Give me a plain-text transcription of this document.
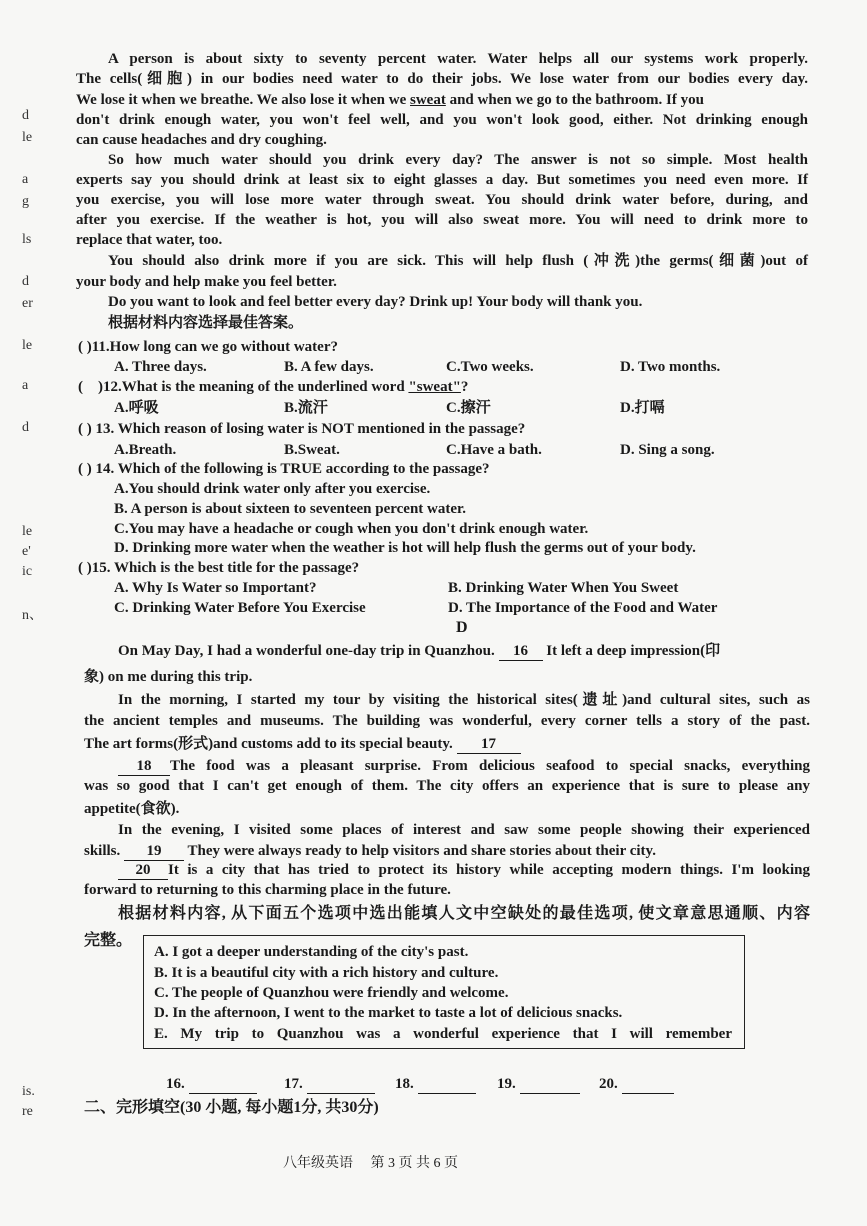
d
le
a
g
ls
d
er
le
a
d
le
e'
ic
n、
is.
re
A person is about sixty to seventy percent water. Water helps all our systems work properly.
The cells(细胞) in our bodies need water to do their jobs. We lose water from our bodies every day.
We lose it when we breathe. We also lose it when we sweat and when we go to the bathroom. If you
don't drink enough water, you won't feel well, and you won't look good, either. Not drinking enough
can cause headaches and dry coughing.
So how much water should you drink every day? The answer is not so simple. Most health
experts say you should drink at least six to eight glasses a day. But sometimes you need even more. If
you exercise, you will lose more water through sweat. You should drink water before, during, and
after you exercise. If the weather is hot, you will also sweat more. You will need to drink more to
replace that water, too.
You should also drink more if you are sick. This will help flush (冲洗)the germs(细菌)out of
your body and help make you feel better.
Do you want to look and feel better every day? Drink up! Your body will thank you.
根据材料内容选择最佳答案。
( )11.How long can we go without water?
A. Three days.	B. A few days.	C.Two weeks.	D. Two months.
(    )12.What is the meaning of the underlined word "sweat"?
A.呼吸	B.流汗	C.擦汗	D.打嗝
( ) 13. Which reason of losing water is NOT mentioned in the passage?
A.Breath.	B.Sweat.	C.Have a bath.	D. Sing a song.
( ) 14. Which of the following is TRUE according to the passage?
A.You should drink water only after you exercise.
B. A person is about sixteen to seventeen percent water.
C.You may have a headache or cough when you don't drink enough water.
D. Drinking more water when the weather is hot will help flush the germs out of your body.
( )15. Which is the best title for the passage?
A. Why Is Water so Important?	B. Drinking Water When You Sweet
C. Drinking Water Before You Exercise	D. The Importance of the Food and Water
D
On May Day, I had a wonderful one-day trip in Quanzhou. 16 It left a deep impression(印
象) on me during this trip.
In the morning, I started my tour by visiting the historical sites(遗址)and cultural sites, such as
the ancient temples and museums. The building was wonderful, every corner tells a story of the past.
The art forms(形式)and customs add to its special beauty. 17
18	The food was a pleasant surprise. From delicious seafood to special snacks, everything
was so good that I can't get enough of them. The city offers an experience that is sure to please any
appetite(食欲).
In the evening, I visited some places of interest and saw some people showing their experienced
skills. 19 They were always ready to help visitors and share stories about their city.
20	It is a city that has tried to protect its history while accepting modern things. I'm looking
forward to returning to this charming place in the future.
根据材料内容, 从下面五个选项中选出能填人文中空缺处的最佳选项, 使文章意思通顺、内容
完整。
A. I got a deeper understanding of the city's past.
B. It is a beautiful city with a rich history and culture.
C. The people of Quanzhou were friendly and welcome.
D. In the afternoon, I went to the market to taste a lot of delicious snacks.
E. My trip to Quanzhou was a wonderful experience that I will remember
16.	17.	18.	19.	20.
二、完形填空(30 小题, 每小题1分, 共30分)
八年级英语     第 3 页 共 6 页
